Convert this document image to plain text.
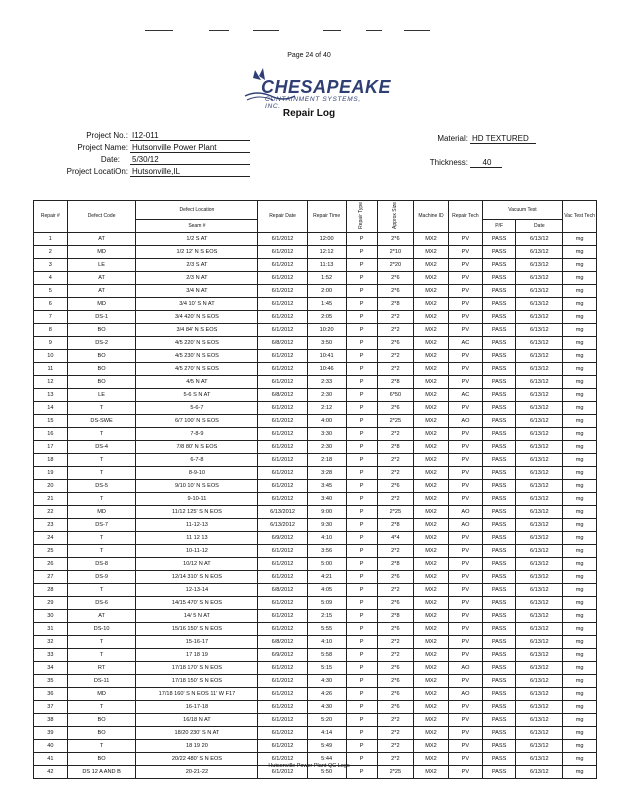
Page 24 of 40
CHESAPEAKE
CONTAINMENT SYSTEMS, INC.
Repair Log
Project No.: I12-011
Project Name: Hutsonville Power Plant
Date: 5/30/12
Project LocatiOn: Hutsonville,IL
Material: HD TEXTURED
Thickness:	40
Repair #	Defect Code	Defect Location	Repair Date	Repair Time	Repair Type	Approx Size	Machine ID	Repair Tech	Vacuum Test		Vac Test Tech
		Seam #							P/F	Date	
1	AT	1/2 S AT	6/1/2012	12:00	P	2*6	MX2	PV	PASS	6/13/12	mg
2	MD	1/2 12' N S EOS	6/1/2012	12:12	P	2*10	MX2	PV	PASS	6/13/12	mg
3	LE	2/3 S AT	6/1/2012	11:13	P	2*20	MX2	PV	PASS	6/13/12	mg
4	AT	2/3 N AT	6/1/2012	1:52	P	2*6	MX2	PV	PASS	6/13/12	mg
5	AT	3/4 N AT	6/1/2012	2:00	P	2*6	MX2	PV	PASS	6/13/12	mg
6	MD	3/4 10' S N AT	6/1/2012	1:45	P	2*8	MX2	PV	PASS	6/13/12	mg
7	DS-1	3/4 420' N S EOS	6/1/2012	2:05	P	2*2	MX2	PV	PASS	6/13/12	mg
8	BO	3/4 84' N S EOS	6/1/2012	10:20	P	2*2	MX2	PV	PASS	6/13/12	mg
9	DS-2	4/5 220' N S EOS	6/8/2012	3:50	P	2*6	MX2	AC	PASS	6/13/12	mg
10	BO	4/5 230' N S EOS	6/1/2012	10:41	P	2*2	MX2	PV	PASS	6/13/12	mg
11	BO	4/5 270' N S EOS	6/1/2012	10:46	P	2*2	MX2	PV	PASS	6/13/12	mg
12	BO	4/5 N AT	6/1/2012	2:33	P	2*8	MX2	PV	PASS	6/13/12	mg
13	LE	5-6 S N AT	6/8/2012	2:30	P	6*50	MX2	AC	PASS	6/13/12	mg
14	T	5-6-7	6/1/2012	2:12	P	2*6	MX2	PV	PASS	6/13/12	mg
15	DS-SWE	6/7 100' N S EOS	6/1/2012	4:00	P	2*25	MX2	AO	PASS	6/13/12	mg
16	T	7-8-9	6/1/2012	3:30	P	2*2	MX2	PV	PASS	6/13/12	mg
17	DS-4	7/8 80' N S EOS	6/1/2012	2:30	P	2*8	MX2	PV	PASS	6/13/12	mg
18	T	6-7-8	6/1/2012	2:18	P	2*2	MX2	PV	PASS	6/13/12	mg
19	T	8-9-10	6/1/2012	3:28	P	2*2	MX2	PV	PASS	6/13/12	mg
20	DS-5	9/10 10' N S EOS	6/1/2012	3:45	P	2*6	MX2	PV	PASS	6/13/12	mg
21	T	9-10-11	6/1/2012	3:40	P	2*2	MX2	PV	PASS	6/13/12	mg
22	MD	11/12 125' S N EOS	6/13/2012	9:00	P	2*25	MX2	AO	PASS	6/13/12	mg
23	DS-7	11-12-13	6/13/2012	9:30	P	2*8	MX2	AO	PASS	6/13/12	mg
24	T	11 12 13	6/9/2012	4:10	P	4*4	MX2	PV	PASS	6/13/12	mg
25	T	10-11-12	6/1/2012	3:56	P	2*2	MX2	PV	PASS	6/13/12	mg
26	DS-8	10/12 N AT	6/1/2012	5:00	P	2*8	MX2	PV	PASS	6/13/12	mg
27	DS-9	12/14 310' S N EOS	6/1/2012	4:21	P	2*6	MX2	PV	PASS	6/13/12	mg
28	T	12-13-14	6/8/2012	4:05	P	2*2	MX2	PV	PASS	6/13/12	mg
29	DS-6	14/15 470' S N EOS	6/1/2012	5:09	P	2*6	MX2	PV	PASS	6/13/12	mg
30	AT	14/ 5 N AT	6/1/2012	2:15	P	2*8	MX2	PV	PASS	6/13/12	mg
31	DS-10	15/16 150' S N EOS	6/1/2012	5:55	P	2*6	MX2	PV	PASS	6/13/12	mg
32	T	15-16-17	6/8/2012	4:10	P	2*2	MX2	PV	PASS	6/13/12	mg
33	T	17 18 19	6/9/2012	5:58	P	2*2	MX2	PV	PASS	6/13/12	mg
34	RT	17/18 170' S N EOS	6/1/2012	5:15	P	2*6	MX2	AO	PASS	6/13/12	mg
35	DS-11	17/18 150' S N EOS	6/1/2012	4:30	P	2*6	MX2	PV	PASS	6/13/12	mg
36	MD	17/18 160' S N EOS 11' W F17	6/1/2012	4:26	P	2*6	MX2	AO	PASS	6/13/12	mg
37	T	16-17-18	6/1/2012	4:30	P	2*6	MX2	PV	PASS	6/13/12	mg
38	BO	16/18 N AT	6/1/2012	5:20	P	2*2	MX2	PV	PASS	6/13/12	mg
39	BO	18/20 230' S N AT	6/1/2012	4:14	P	2*2	MX2	PV	PASS	6/13/12	mg
40	T	18 19 20	6/1/2012	5:49	P	2*2	MX2	PV	PASS	6/13/12	mg
41	BO	20/22 480' S N EOS	6/1/2012	5:44	P	2*2	MX2	PV	PASS	6/13/12	mg
42	DS 12 A AND B	20-21-22	6/1/2012	5:50	P	2*25	MX2	PV	PASS	6/13/12	mg
Hutsonville Power Plant QC Logs
